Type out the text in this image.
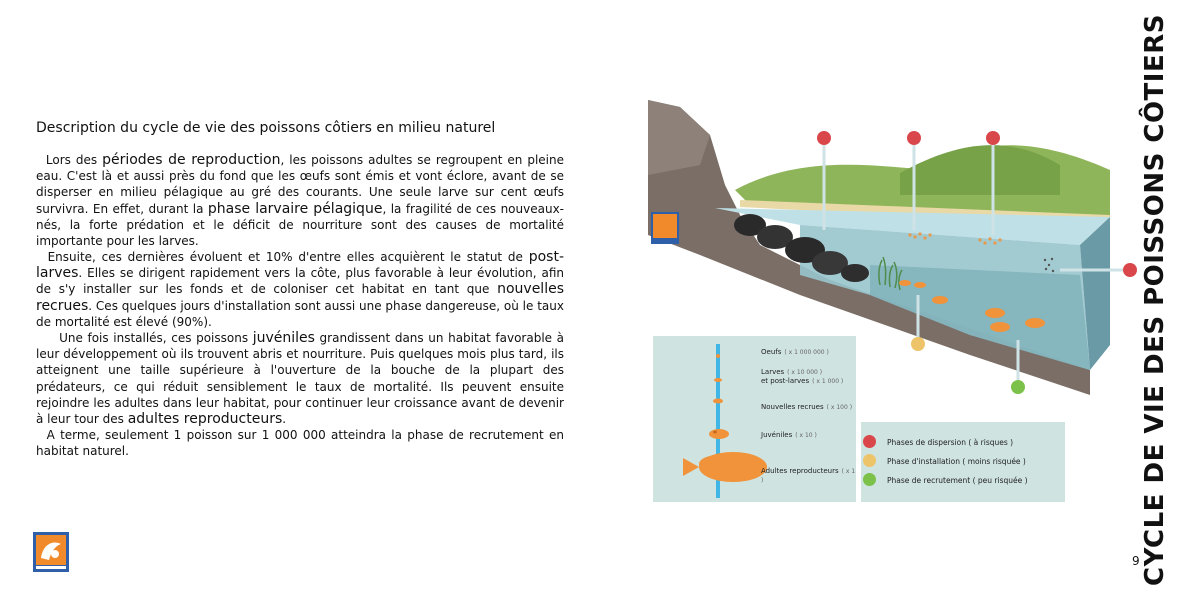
Description du cycle de vie des poissons côtiers en milieu naturel
Lors des périodes de reproduction, les poissons adultes se regroupent en pleine eau. C'est là et aussi près du fond que les œufs sont émis et vont éclore, avant de se disperser en milieu pélagique au gré des courants. Une seule larve sur cent œufs survivra. En effet, durant la phase larvaire pélagique, la fragilité de ces nouveaux-nés, la forte prédation et le déficit de nourriture sont des causes de mortalité importante pour les larves.
Ensuite, ces dernières évoluent et 10% d'entre elles acquièrent le statut de post-larves. Elles se dirigent rapidement vers la côte, plus favorable à leur évolution, afin de s'y installer sur les fonds et de coloniser cet habitat en tant que nouvelles recrues. Ces quelques jours d'installation sont aussi une phase dangereuse, où le taux de mortalité est élevé (90%).
Une fois installés, ces poissons juvéniles grandissent dans un habitat favorable à leur développement où ils trouvent abris et nourriture. Puis quelques mois plus tard, ils atteignent une taille supérieure à l'ouverture de la bouche de la plupart des prédateurs, ce qui réduit sensiblement le taux de mortalité. Ils peuvent ensuite rejoindre les adultes dans leur habitat, pour continuer leur croissance avant de devenir à leur tour des adultes reproducteurs.
A terme, seulement 1 poisson sur 1 000 000 atteindra la phase de recrutement en habitat naturel.
Oeufs ( x 1 000 000 )
Larves ( x 10 000 )
et post-larves ( x 1 000 )
Nouvelles recrues ( x 100 )
Juvéniles ( x 10 )
Adultes reproducteurs ( x 1 )
Phases de dispersion ( à risques )
Phase d'installation ( moins risquée )
Phase de recrutement ( peu risquée )	CYCLE DE VIE DES POISSONS CÔTIERS
9
